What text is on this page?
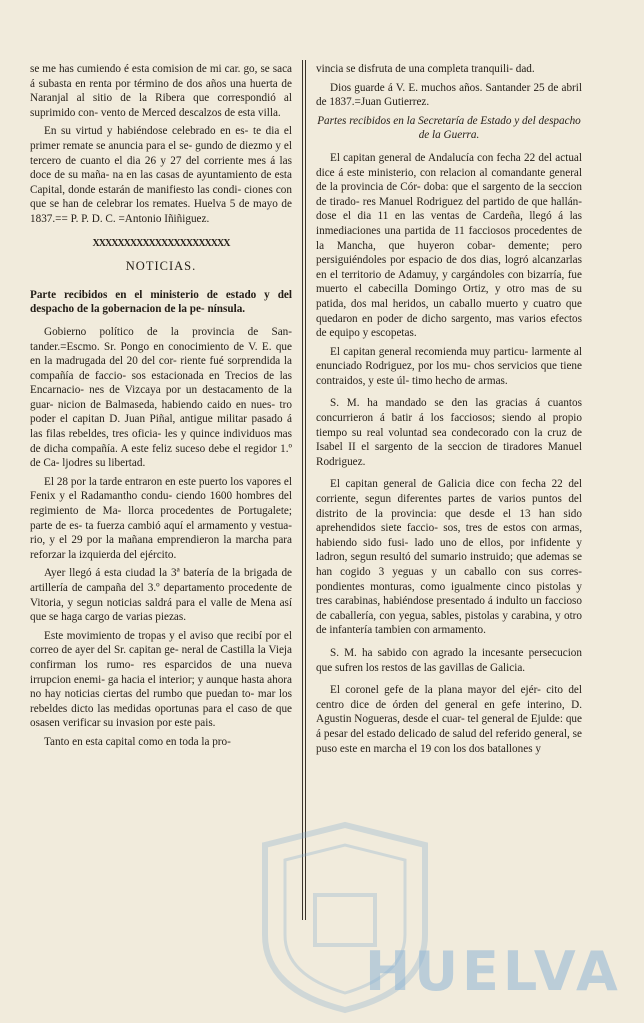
se me has cumiendo é esta comision de mi car. go, se saca á subasta en renta por término de dos años una huerta de Naranjal al sitio de la Ribera que correspondió al suprimido con- vento de Merced descalzos de esta villa.

En su virtud y habiéndose celebrado en es- te dia el primer remate se anuncia para el se- gundo de diezmo y el tercero de cuanto el dia 26 y 27 del corriente mes á las doce de su maña- na en las casas de ayuntamiento de esta Capital, donde estarán de manifiesto las condi- ciones con que se han de celebrar los remates. Huelva 5 de mayo de 1837.== P. P. D. C. =Antonio Iñiñiguez.

XXXXXXXXXXXXXXXXXXXXXX
NOTICIAS.

Parte recibidos en el ministerio de estado y del despacho de la gobernacion de la pe- nínsula.

Gobierno político de la provincia de San- tander.=Escmo. Sr. Pongo en conocimiento de V. E. que en la madrugada del 20 del cor- riente fué sorprendida la compañía de faccio- sos estacionada en Trecios de las Encarnacio- nes de Vizcaya por un destacamento de la guar- nicion de Balmaseda, habiendo caido en nues- tro poder el capitan D. Juan Piñal, antigue militar pasado á las filas rebeldes, tres oficia- les y quince individuos mas de dicha compañía. A este feliz suceso debe el regidor 1.º de Ca- ljodres su libertad.

El 28 por la tarde entraron en este puerto los vapores el Fenix y el Radamantho condu- ciendo 1600 hombres del regimiento de Ma- llorca procedentes de Portugalete; parte de es- ta fuerza cambió aquí el armamento y vestua- rio, y el 29 por la mañana emprendieron la marcha para reforzar la izquierda del ejército.

Ayer llegó á esta ciudad la 3ª batería de la brigada de artillería de campaña del 3.º departamento procedente de Vitoria, y segun noticias saldrá para el valle de Mena así que se haga cargo de varias piezas.

Este movimiento de tropas y el aviso que recibí por el correo de ayer del Sr. capitan ge- neral de Castilla la Vieja confirman los rumo- res esparcidos de una nueva irrupcion enemi- ga hacia el interior; y aunque hasta ahora no hay noticias ciertas del rumbo que puedan to- mar los rebeldes dicto las medidas oportunas para el caso de que osasen verificar su invasion por este pais.

Tanto en esta capital como en toda la pro-

vincia se disfruta de una completa tranquili- dad.

Dios guarde á V. E. muchos años. Santander 25 de abril de 1837.=Juan Gutierrez.

Partes recibidos en la Secretaría de Estado y del despacho de la Guerra.

El capitan general de Andalucía con fecha 22 del actual dice á este ministerio, con relacion al comandante general de la provincia de Cór- doba: que el sargento de la seccion de tirado- res Manuel Rodriguez del partido de que hallán- dose el dia 11 en las ventas de Cardeña, llegó á las inmediaciones una partida de 11 facciosos procedentes de la Mancha, que huyeron cobar- demente; pero persiguiéndoles por espacio de dos dias, logró alcanzarlas en el territorio de Adamuy, y cargándoles con bizarría, fue muerto el cabecilla Domingo Ortiz, y otro mas de su patida, dos mal heridos, un caballo muerto y cuatro que quedaron en poder de dicho sargento, mas varios efectos de equipo y escopetas.

El capitan general recomienda muy particu- larmente al enunciado Rodriguez, por los mu- chos servicios que tiene contraidos, y este úl- timo hecho de armas.

S. M. ha mandado se den las gracias á cuantos concurrieron á batir á los facciosos; siendo al propio tiempo su real voluntad sea condecorado con la cruz de Isabel II el sargento de la seccion de tiradores Manuel Rodriguez.

El capitan general de Galicia dice con fecha 22 del corriente, segun diferentes partes de varios puntos del distrito de la provincia: que desde el 13 han sido aprehendidos siete faccio- sos, tres de estos con armas, habiendo sido fusi- lado uno de ellos, por infidente y ladron, segun resultó del sumario instruido; que ademas se han cogido 3 yeguas y un caballo con sus corres- pondientes monturas, como igualmente cinco pistolas y tres carabinas, habiéndose presentado á indulto un faccioso de caballería, con yegua, sables, pistolas y carabina, y otro de infantería tambien con armamento.

S. M. ha sabido con agrado la incesante persecucion que sufren los restos de las gavillas de Galicia.

El coronel gefe de la plana mayor del ejér- cito del centro dice de órden del general en gefe interino, D. Agustin Nogueras, desde el cuar- tel general de Ejulde: que á pesar del estado delicado de salud del referido general, se puso este en marcha el 19 con los dos batallones y

HUELVA
